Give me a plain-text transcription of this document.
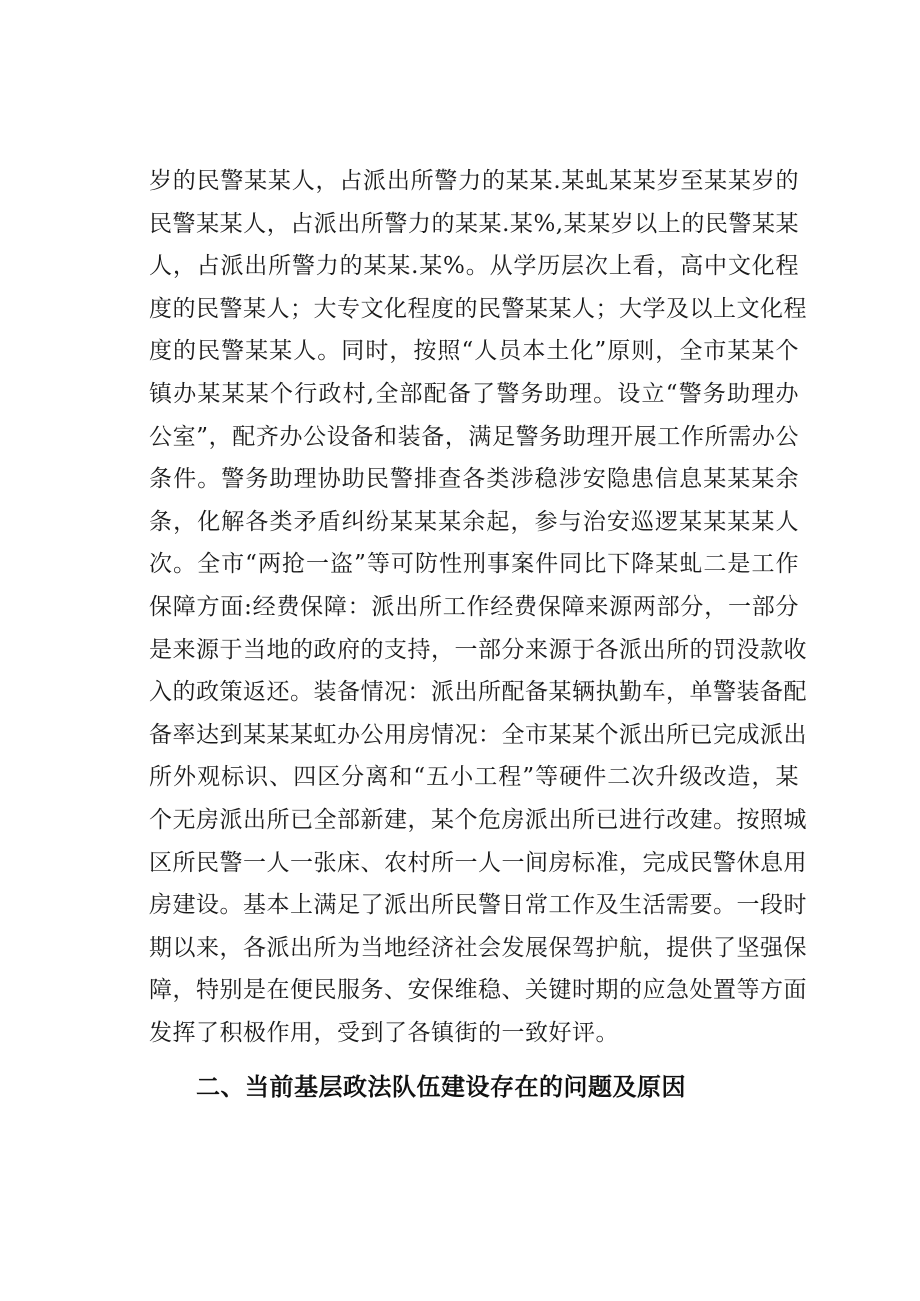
岁的民警某某人，占派出所警力的某某.某虬某某岁至某某岁的
民警某某人，占派出所警力的某某.某%,某某岁以上的民警某某
人，占派出所警力的某某.某%。从学历层次上看，高中文化程
度的民警某人；大专文化程度的民警某某人；大学及以上文化程
度的民警某某人。同时，按照“人员本土化”原则，全市某某个
镇办某某某个行政村,全部配备了警务助理。设立“警务助理办
公室”，配齐办公设备和装备，满足警务助理开展工作所需办公
条件。警务助理协助民警排查各类涉稳涉安隐患信息某某某余
条，化解各类矛盾纠纷某某某余起，参与治安巡逻某某某某人
次。全市“两抢一盗”等可防性刑事案件同比下降某虬二是工作
保障方面:经费保障：派出所工作经费保障来源两部分，一部分
是来源于当地的政府的支持，一部分来源于各派出所的罚没款收
入的政策返还。装备情况：派出所配备某辆执勤车，单警装备配
备率达到某某某虹办公用房情况：全市某某个派出所已完成派出
所外观标识、四区分离和“五小工程”等硬件二次升级改造，某
个无房派出所已全部新建，某个危房派出所已进行改建。按照城
区所民警一人一张床、农村所一人一间房标准，完成民警休息用
房建设。基本上满足了派出所民警日常工作及生活需要。一段时
期以来，各派出所为当地经济社会发展保驾护航，提供了坚强保
障，特别是在便民服务、安保维稳、关键时期的应急处置等方面
发挥了积极作用，受到了各镇街的一致好评。
二、当前基层政法队伍建设存在的问题及原因
